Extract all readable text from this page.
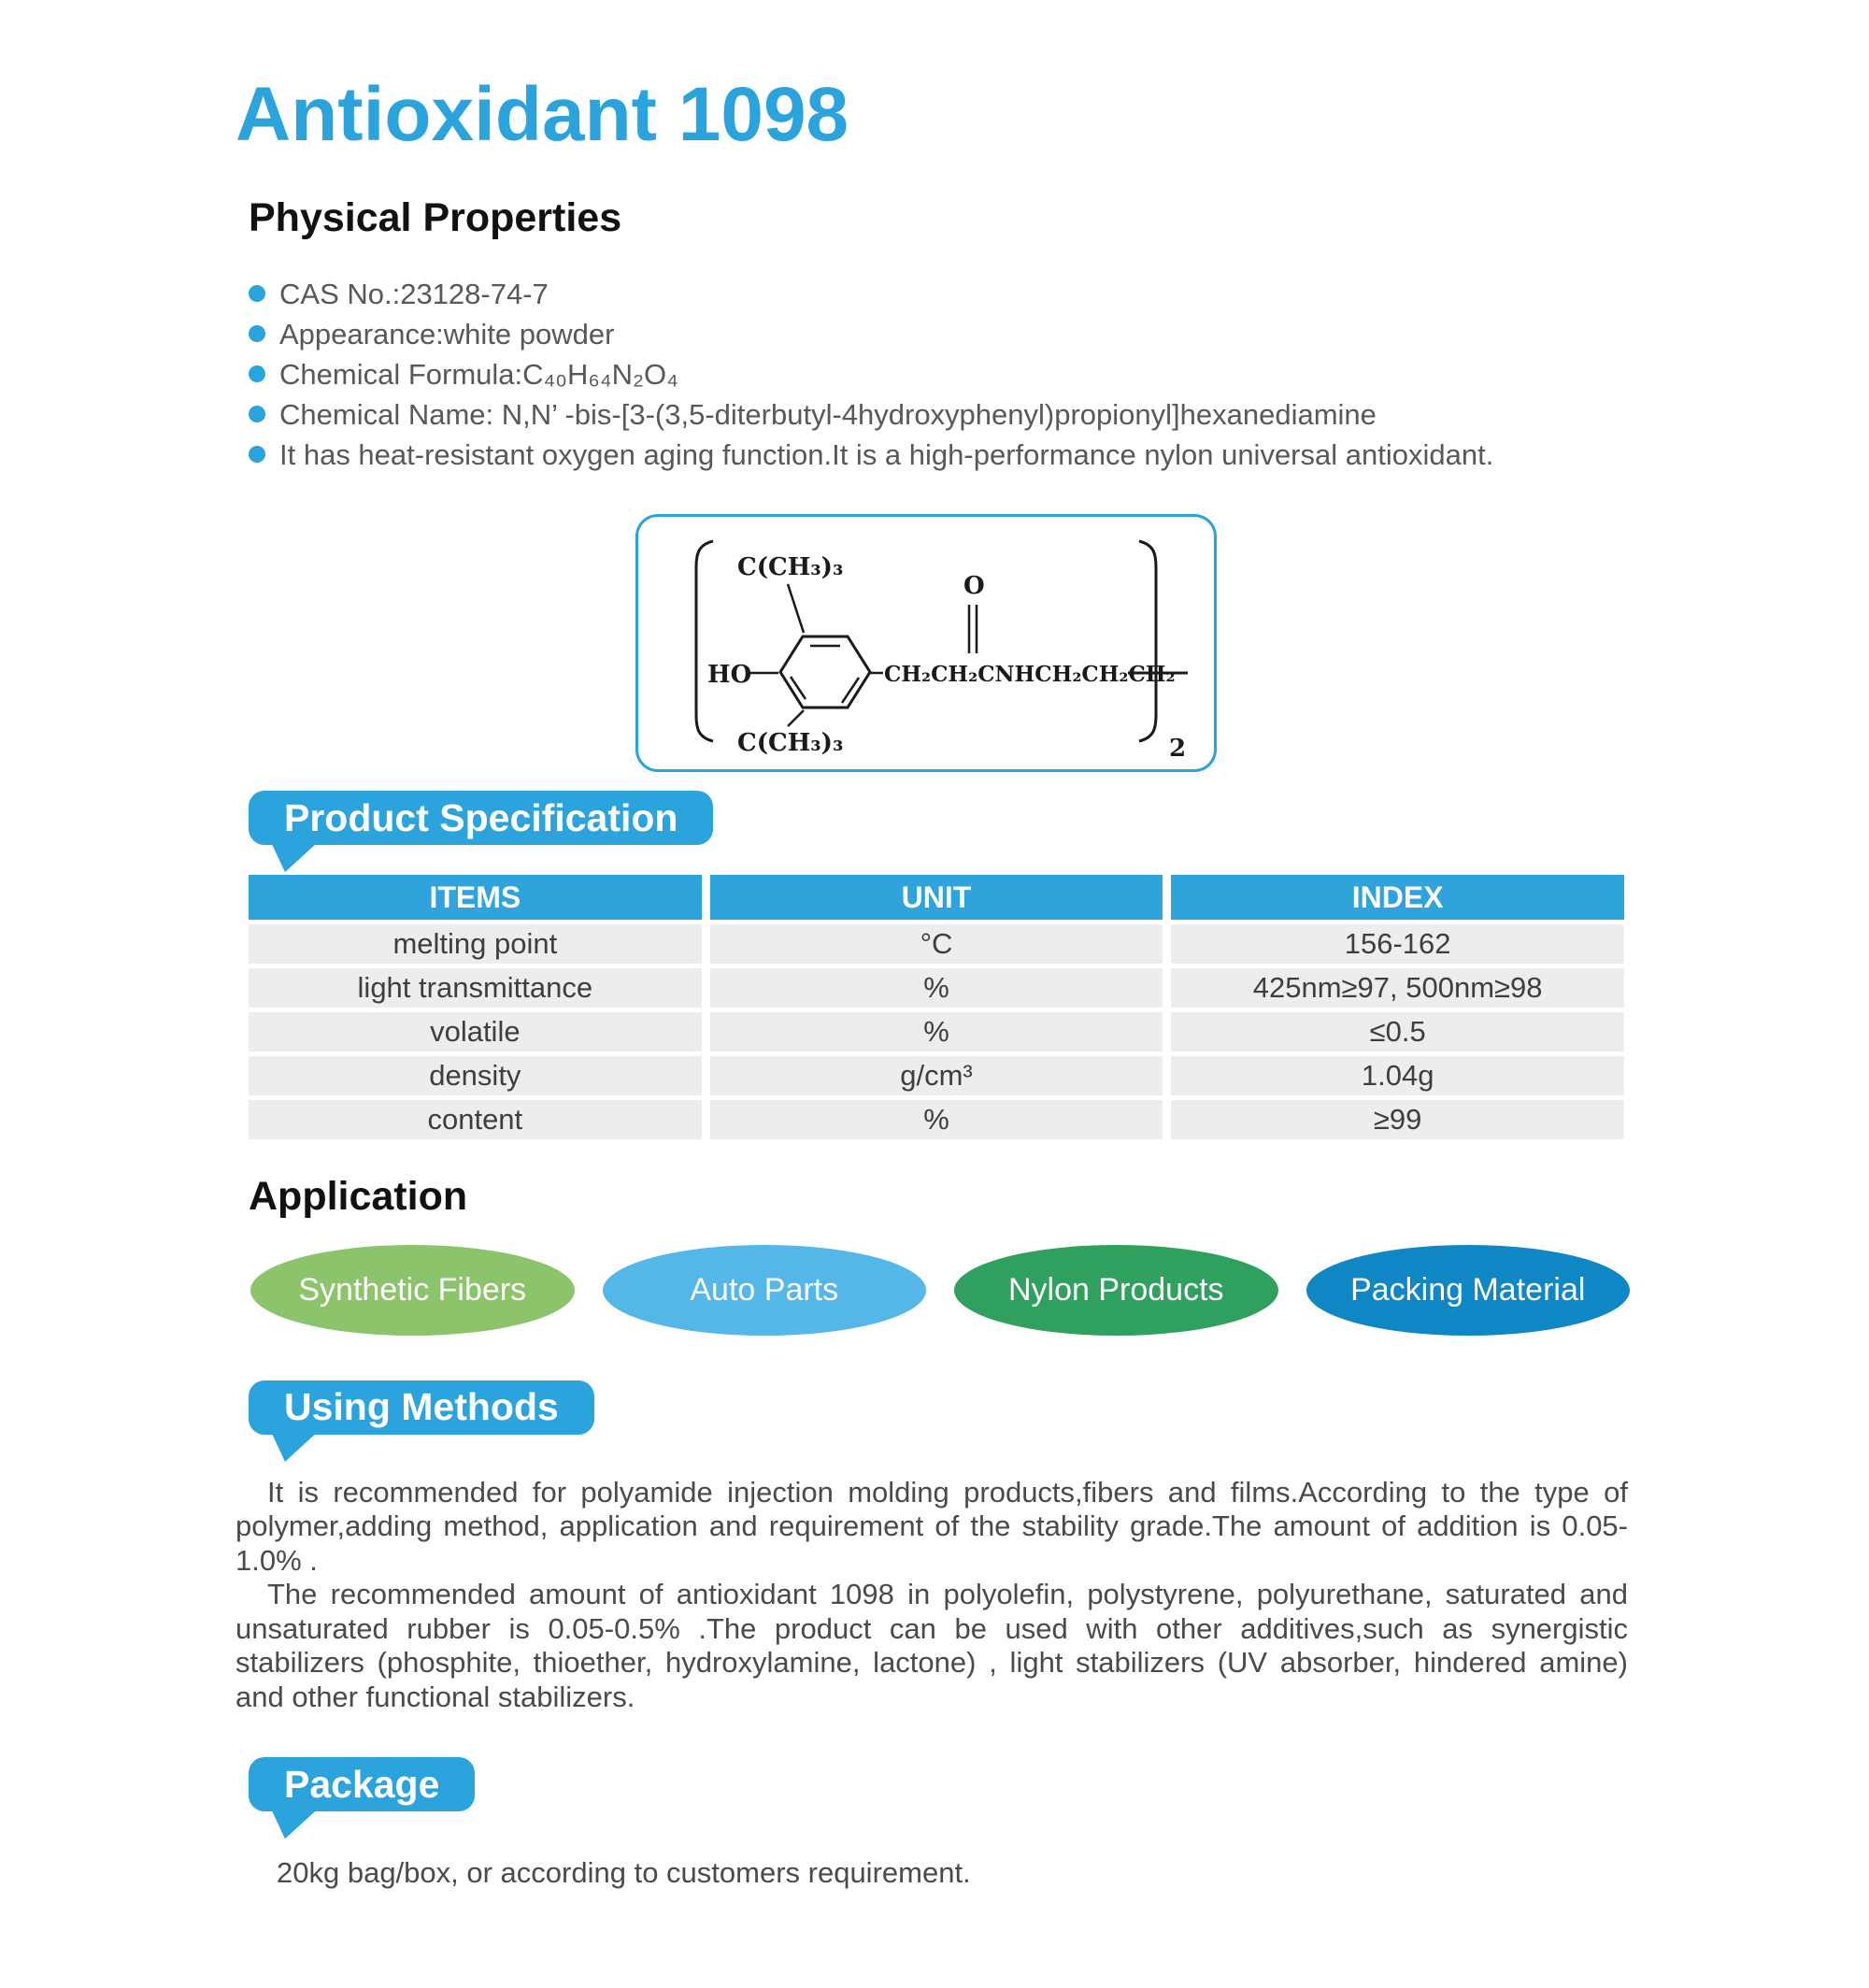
Antioxidant 1098
Physical Properties
CAS No.:23128-74-7
Appearance:white powder
Chemical Formula:C₄₀H₆₄N₂O₄
Chemical Name: N,N’ -bis-[3-(3,5-diterbutyl-4hydroxyphenyl)propionyl]hexanediamine
It has heat-resistant oxygen aging function.It is a high-performance nylon universal antioxidant.
C(CH₃)₃
C(CH₃)₃
HO
O
CH₂CH₂CNHCH₂CH₂CH₂
2
Product Specification
ITEMS	UNIT	INDEX
melting point	°C	156-162
light transmittance	%	425nm≥97, 500nm≥98
volatile	%	≤0.5
density	g/cm³	1.04g
content	%	≥99
Application
Synthetic Fibers	Auto Parts	Nylon Products	Packing Material
Using Methods

It is recommended for polyamide injection molding products,fibers and films.According to the type of polymer,adding method, application and requirement of the stability grade.The amount of addition is 0.05-1.0% .

The recommended amount of antioxidant 1098 in polyolefin, polystyrene, polyurethane, saturated and unsaturated rubber is 0.05-0.5% .The product can be used with other additives,such as synergistic stabilizers (phosphite, thioether, hydroxylamine, lactone) , light stabilizers (UV absorber, hindered amine) and other functional stabilizers.

Package

20kg bag/box, or according to customers requirement.
